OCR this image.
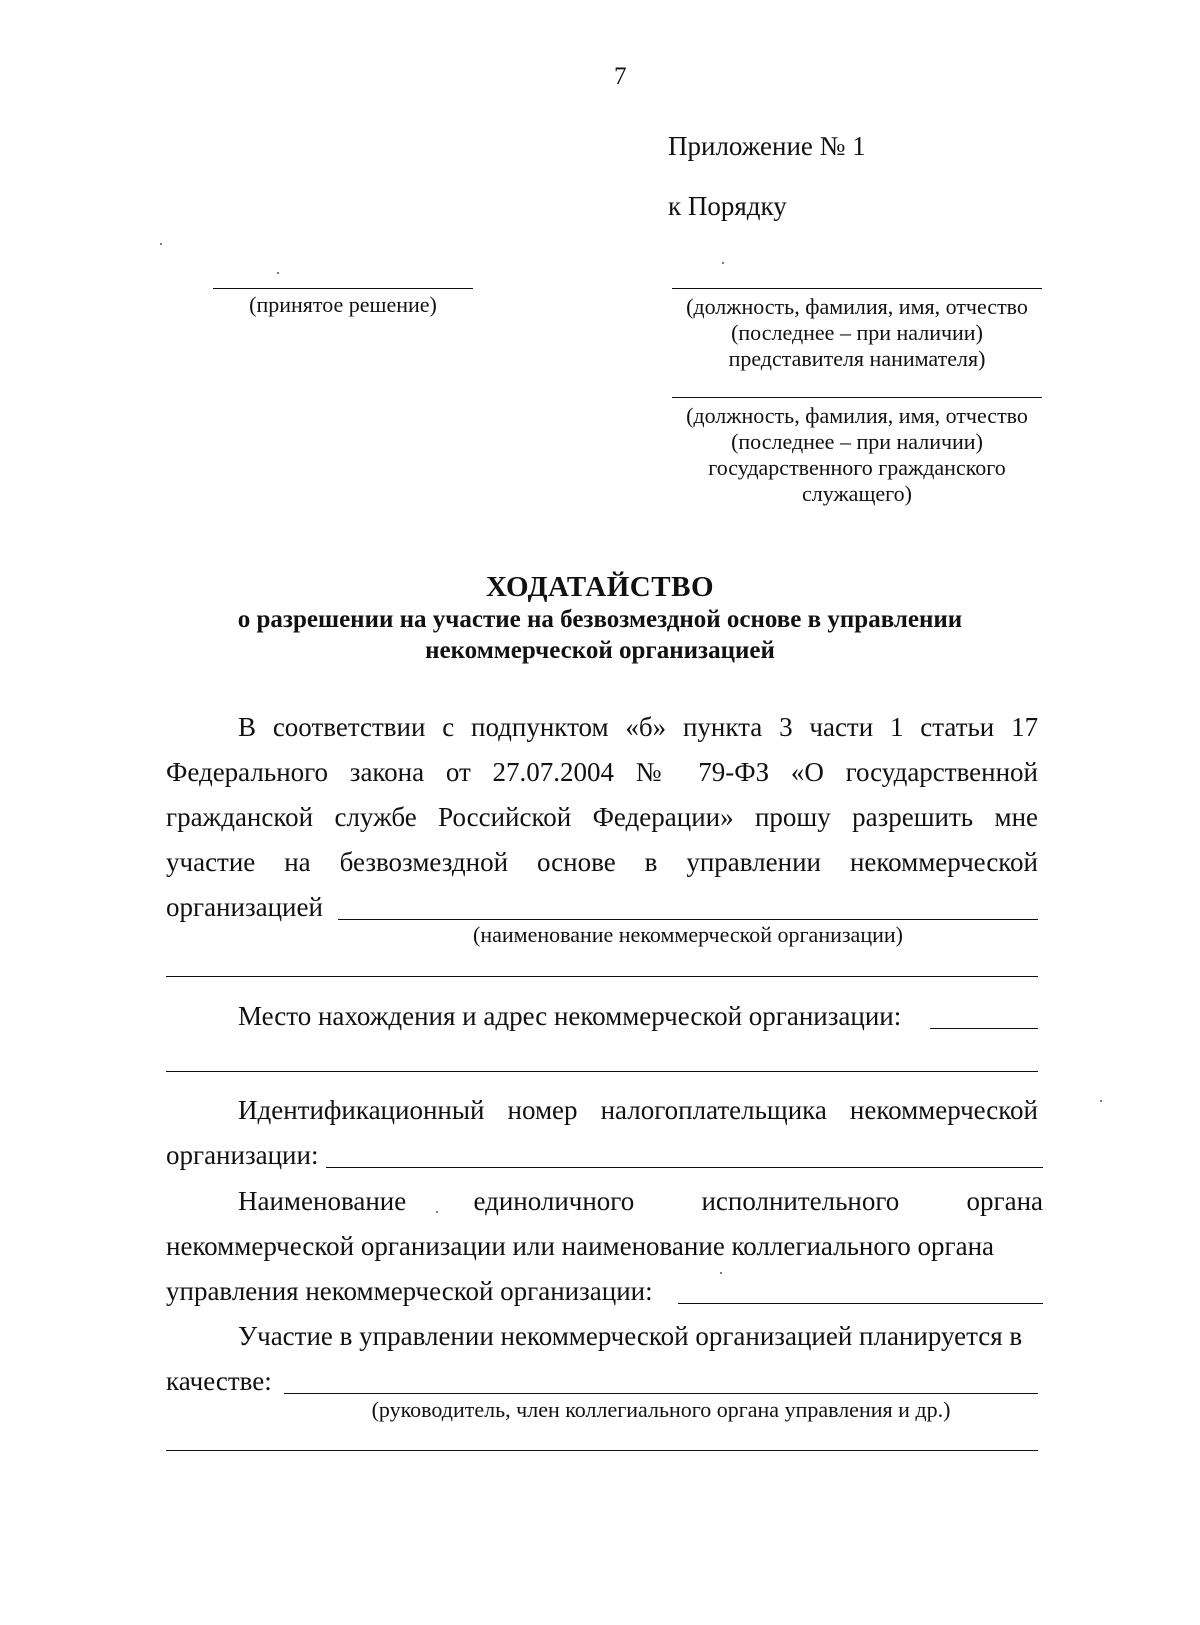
7
Приложение № 1
к Порядку
(принятое решение)	(должность, фамилия, имя, отчество
(последнее – при наличии)
представителя нанимателя)
(должность, фамилия, имя, отчество
(последнее – при наличии)
государственного гражданского
служащего)
ХОДАТАЙСТВО
о разрешении на участие на безвозмездной основе в управлении
некоммерческой организацией
В соответствии с подпунктом «б» пункта 3 части 1 статьи 17
Федерального закона от 27.07.2004 № 79-ФЗ «О государственной
гражданской службе Российской Федерации» прошу разрешить мне
участие на безвозмездной основе в управлении некоммерческой
организацией
(наименование некоммерческой организации)
Место нахождения и адрес некоммерческой организации:
Идентификационный номер налогоплательщика некоммерческой
организации:
Наименование единоличного исполнительного органа
некоммерческой организации или наименование коллегиального органа
управления некоммерческой организации:
Участие в управлении некоммерческой организацией планируется в
качестве:
(руководитель, член коллегиального органа управления и др.)
